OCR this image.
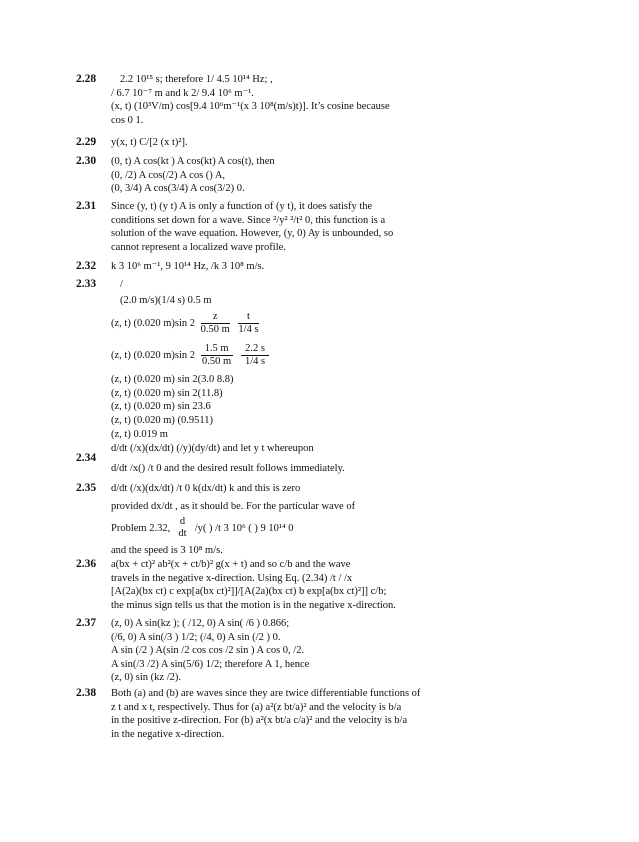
2.28	2.2 10¹⁵ s; therefore 1/ 4.5 10¹⁴ Hz; ,
/ 6.7 10⁻⁷ m and k 2/ 9.4 10⁶ m⁻¹.
(x, t) (10³V/m) cos[9.4 10⁶m⁻¹(x 3 10⁸(m/s)t)]. It’s cosine because
cos 0 1.
2.29 y(x, t) C/[2 (x t)²].
2.30 (0, t) A cos(kt ) A cos(kt) A cos(t), then
(0, /2) A cos(/2) A cos () A,
(0, 3/4) A cos(3/4) A cos(3/2) 0.
2.31 Since (y, t) (y t) A is only a function of (y t), it does satisfy the
conditions set down for a wave. Since ²/y² ²/t² 0, this function is a
solution of the wave equation. However, (y, 0) Ay is unbounded, so
cannot represent a localized wave profile.
2.32 k 3 10⁶ m⁻¹, 9 10¹⁴ Hz, /k 3 10⁸ m/s.
2.33	/
(2.0 m/s)(1/4 s) 0.5 m
(z, t) (0.020 m)sin $2 \frac{z}{0.50 m}$
$\frac{t}{1/4 s}$
(z, t) (0.020 m)sin $2 \frac{1.5 m}{0.50 m}$
$\frac{2.2 s}{1/4 s}$
(z, t) (0.020 m) sin 2(3.0 8.8)
(z, t) (0.020 m) sin 2(11.8)
(z, t) (0.020 m) sin 23.6
(z, t) (0.020 m) (0.9511)
(z, t) 0.019 m
2.34
d/dt (/x)(dx/dt) (/y)(dy/dt) and let y t whereupon
d/dt /x() /t 0 and the desired result follows immediately.
2.35 d/dt (/x)(dx/dt) /t 0 k(dx/dt) k and this is zero
provided dx/dt , as it should be. For the particular wave of
Problem 2.32,
d
dt
/y( ) /t 3 10⁶ ( ) 9 10¹⁴ 0
and the speed is 3 10⁸ m/s.
2.36 a(bx + ct)² ab²(x + ct/b)² g(x + t) and so c/b and the wave
travels in the negative x-direction. Using Eq. (2.34) /t / /x
[A(2a)(bx ct) c exp[a(bx ct)²]]/[A(2a)(bx ct) b exp[a(bx ct)²]] c/b;
the minus sign tells us that the motion is in the negative x-direction.
2.37 (z, 0) A sin(kz ); ( /12, 0) A sin( /6 ) 0.866;
(/6, 0) A sin(/3 ) 1/2; (/4, 0) A sin (/2 ) 0.
A sin (/2 ) A(sin /2 cos cos /2 sin ) A cos 0, /2.
A sin(/3 /2) A sin(5/6) 1/2; therefore A 1, hence
(z, 0) sin (kz /2).
2.38 Both (a) and (b) are waves since they are twice differentiable functions of
z t and x t, respectively. Thus for (a) a²(z bt/a)² and the velocity is b/a
in the positive z-direction. For (b) a²(x bt/a c/a)² and the velocity is b/a
in the negative x-direction.
